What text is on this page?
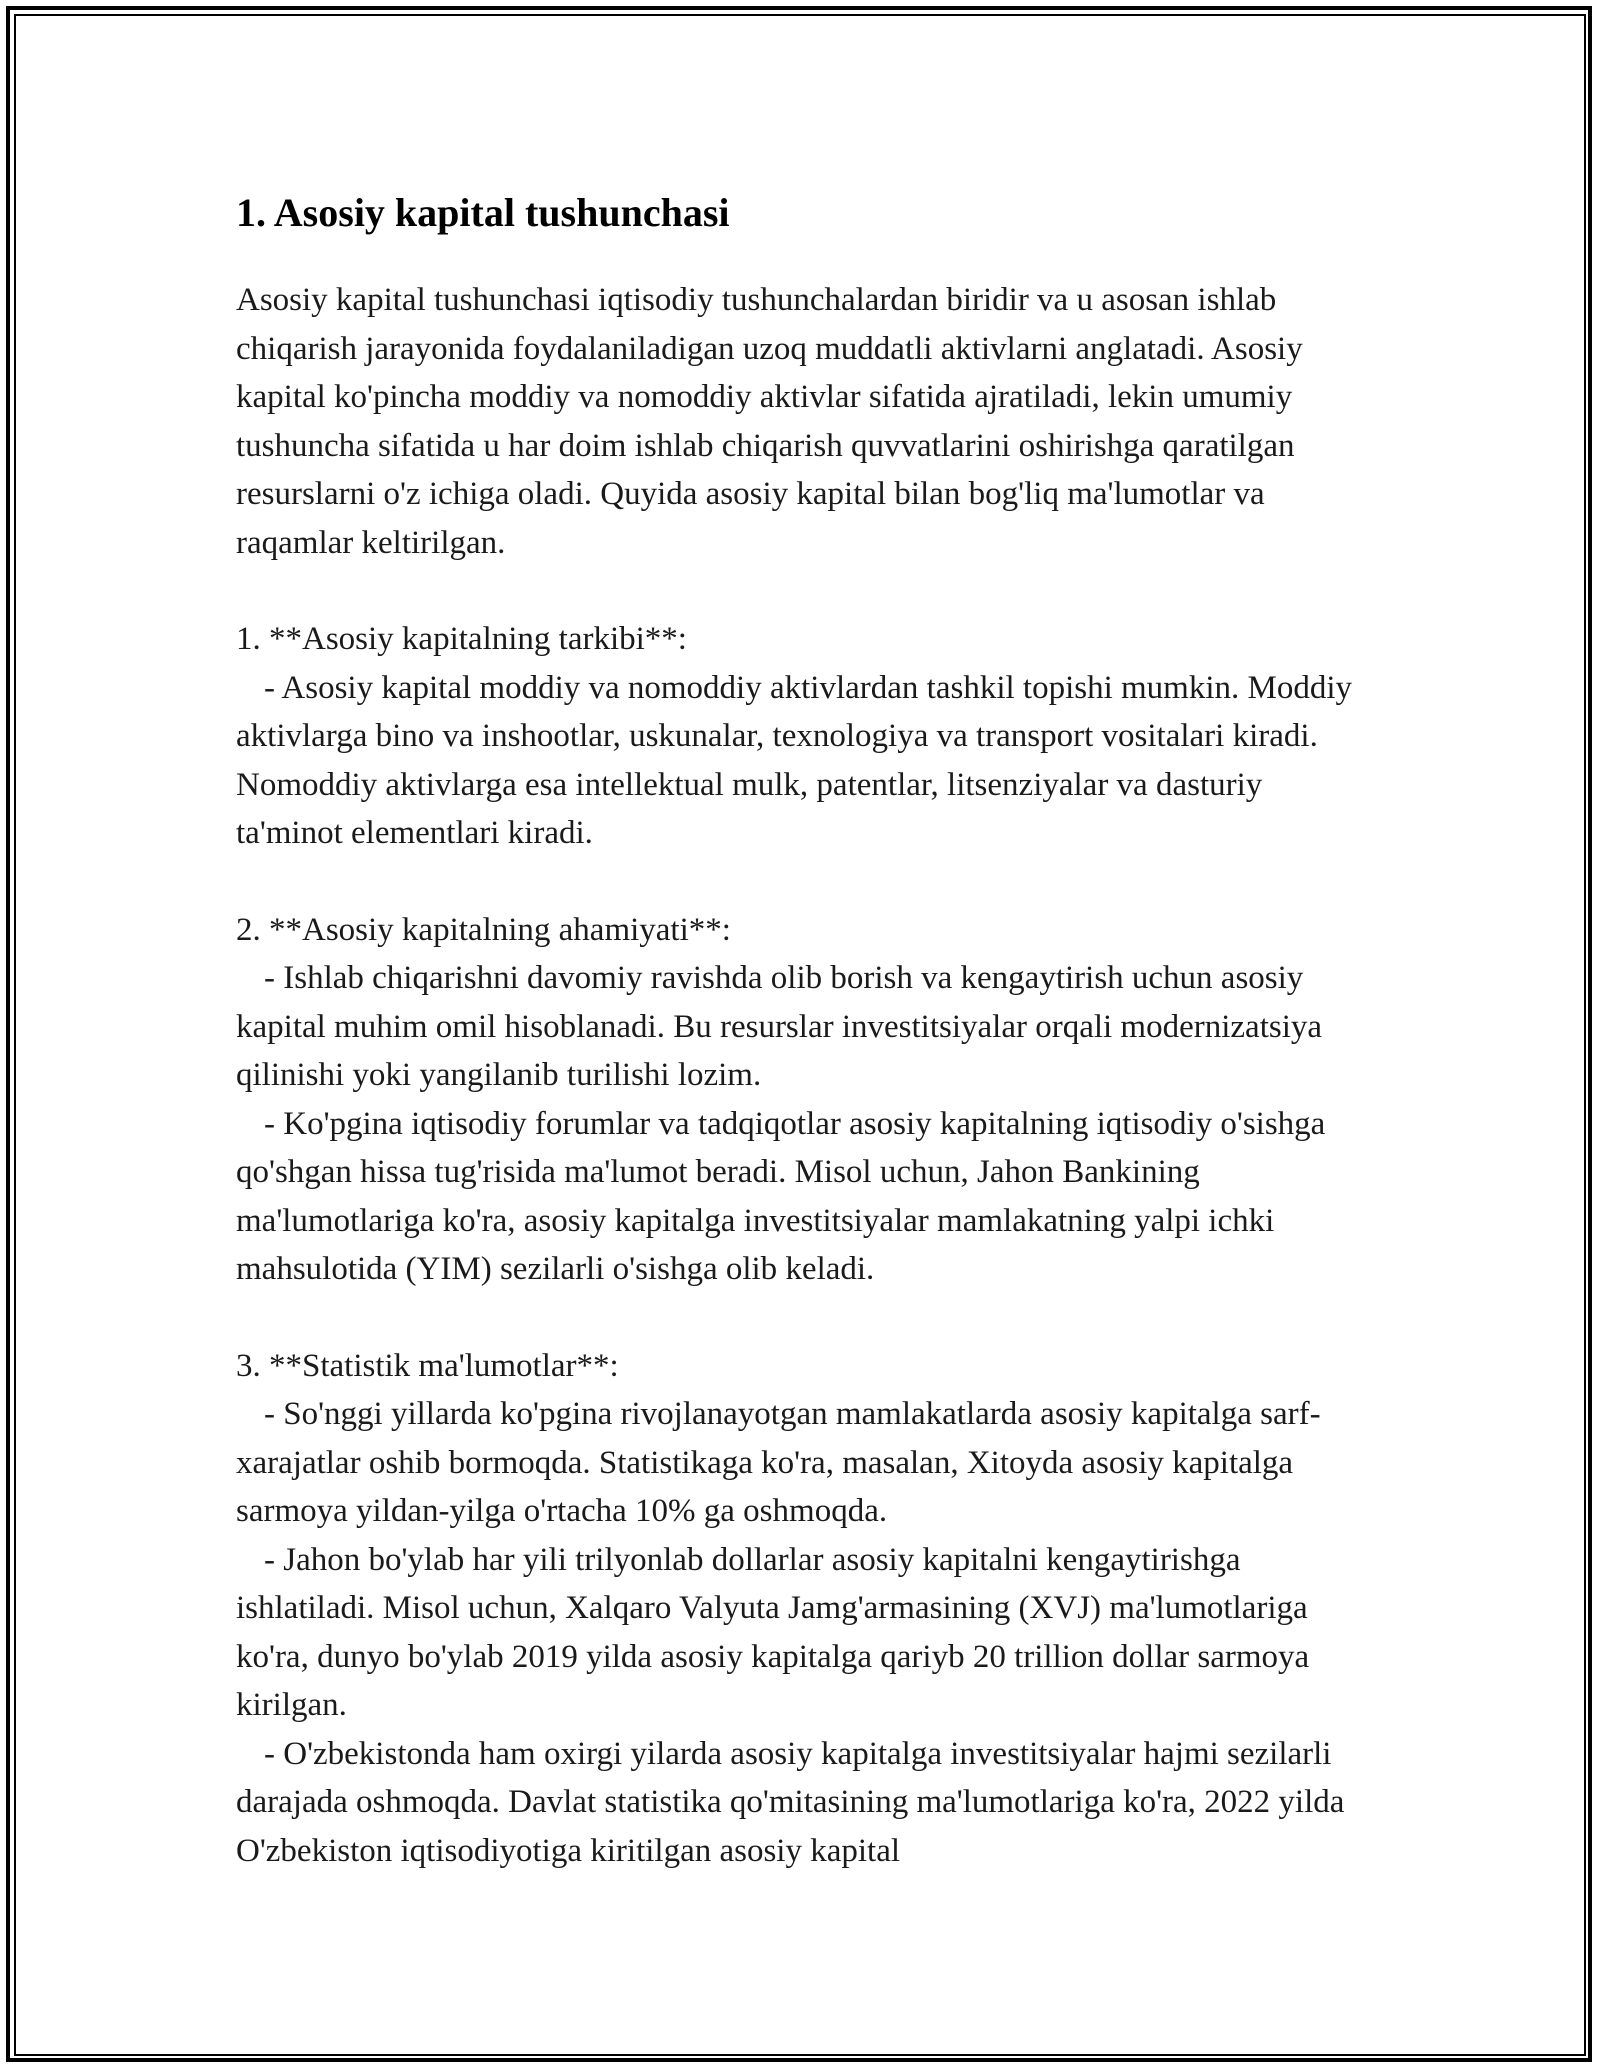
1. Asosiy kapital tushunchasi

Asosiy kapital tushunchasi iqtisodiy tushunchalardan biridir va u asosan ishlab chiqarish jarayonida foydalaniladigan uzoq muddatli aktivlarni anglatadi. Asosiy kapital ko'pincha moddiy va nomoddiy aktivlar sifatida ajratiladi, lekin umumiy tushuncha sifatida u har doim ishlab chiqarish quvvatlarini oshirishga qaratilgan resurslarni o'z ichiga oladi. Quyida asosiy kapital bilan bog'liq ma'lumotlar va raqamlar keltirilgan.

1. **Asosiy kapitalning tarkibi**:
- Asosiy kapital moddiy va nomoddiy aktivlardan tashkil topishi mumkin. Moddiy aktivlarga bino va inshootlar, uskunalar, texnologiya va transport vositalari kiradi. Nomoddiy aktivlarga esa intellektual mulk, patentlar, litsenziyalar va dasturiy ta'minot elementlari kiradi.
2. **Asosiy kapitalning ahamiyati**:
- Ishlab chiqarishni davomiy ravishda olib borish va kengaytirish uchun asosiy kapital muhim omil hisoblanadi. Bu resurslar investitsiyalar orqali modernizatsiya qilinishi yoki yangilanib turilishi lozim.
- Ko'pgina iqtisodiy forumlar va tadqiqotlar asosiy kapitalning iqtisodiy o'sishga qo'shgan hissa tug'risida ma'lumot beradi. Misol uchun, Jahon Bankining ma'lumotlariga ko'ra, asosiy kapitalga investitsiyalar mamlakatning yalpi ichki mahsulotida (YIM) sezilarli o'sishga olib keladi.
3. **Statistik ma'lumotlar**:
- So'nggi yillarda ko'pgina rivojlanayotgan mamlakatlarda asosiy kapitalga sarf-xarajatlar oshib bormoqda. Statistikaga ko'ra, masalan, Xitoyda asosiy kapitalga sarmoya yildan-yilga o'rtacha 10% ga oshmoqda.
- Jahon bo'ylab har yili trilyonlab dollarlar asosiy kapitalni kengaytirishga ishlatiladi. Misol uchun, Xalqaro Valyuta Jamg'armasining (XVJ) ma'lumotlariga ko'ra, dunyo bo'ylab 2019 yilda asosiy kapitalga qariyb 20 trillion dollar sarmoya kirilgan.
- O'zbekistonda ham oxirgi yilarda asosiy kapitalga investitsiyalar hajmi sezilarli darajada oshmoqda. Davlat statistika qo'mitasining ma'lumotlariga ko'ra, 2022 yilda O'zbekiston iqtisodiyotiga kiritilgan asosiy kapital
